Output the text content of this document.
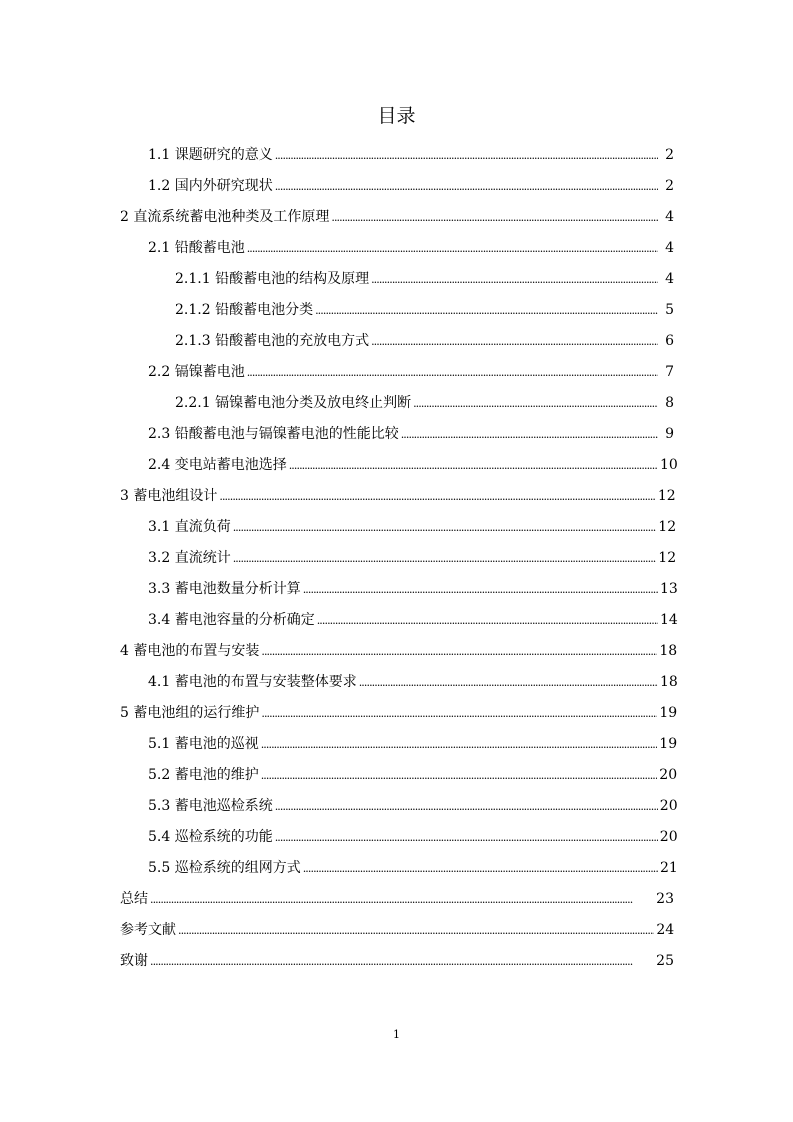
目录
1.1 课题研究的意义 . . .	2
1.2 国内外研究现状 . . .	2
2 直流系统蓄电池种类及工作原理 . . .	4
2.1 铅酸蓄电池 . . .	4
2.1.1 铅酸蓄电池的结构及原理 . . .	4
2.1.2 铅酸蓄电池分类 . . .	5
2.1.3 铅酸蓄电池的充放电方式 . . .	6
2.2 镉镍蓄电池 . . .	7
2.2.1 镉镍蓄电池分类及放电终止判断 . . .	8
2.3 铅酸蓄电池与镉镍蓄电池的性能比较 . . .	9
2.4 变电站蓄电池选择 . . .	10
3 蓄电池组设计 . . .	12
3.1 直流负荷 . . .	12
3.2 直流统计 . . .	12
3.3 蓄电池数量分析计算 . . .	13
3.4 蓄电池容量的分析确定 . . .	14
4 蓄电池的布置与安装 . . .	18
4.1 蓄电池的布置与安装整体要求 . . .	18
5 蓄电池组的运行维护 . . .	19
5.1 蓄电池的巡视 . . .	19
5.2 蓄电池的维护 . . .	20
5.3 蓄电池巡检系统 . . .	20
5.4 巡检系统的功能 . . .	20
5.5 巡检系统的组网方式 . . .	21
总结 . . .	23
参考文献 . . .	24
致谢 . . .	25
1
